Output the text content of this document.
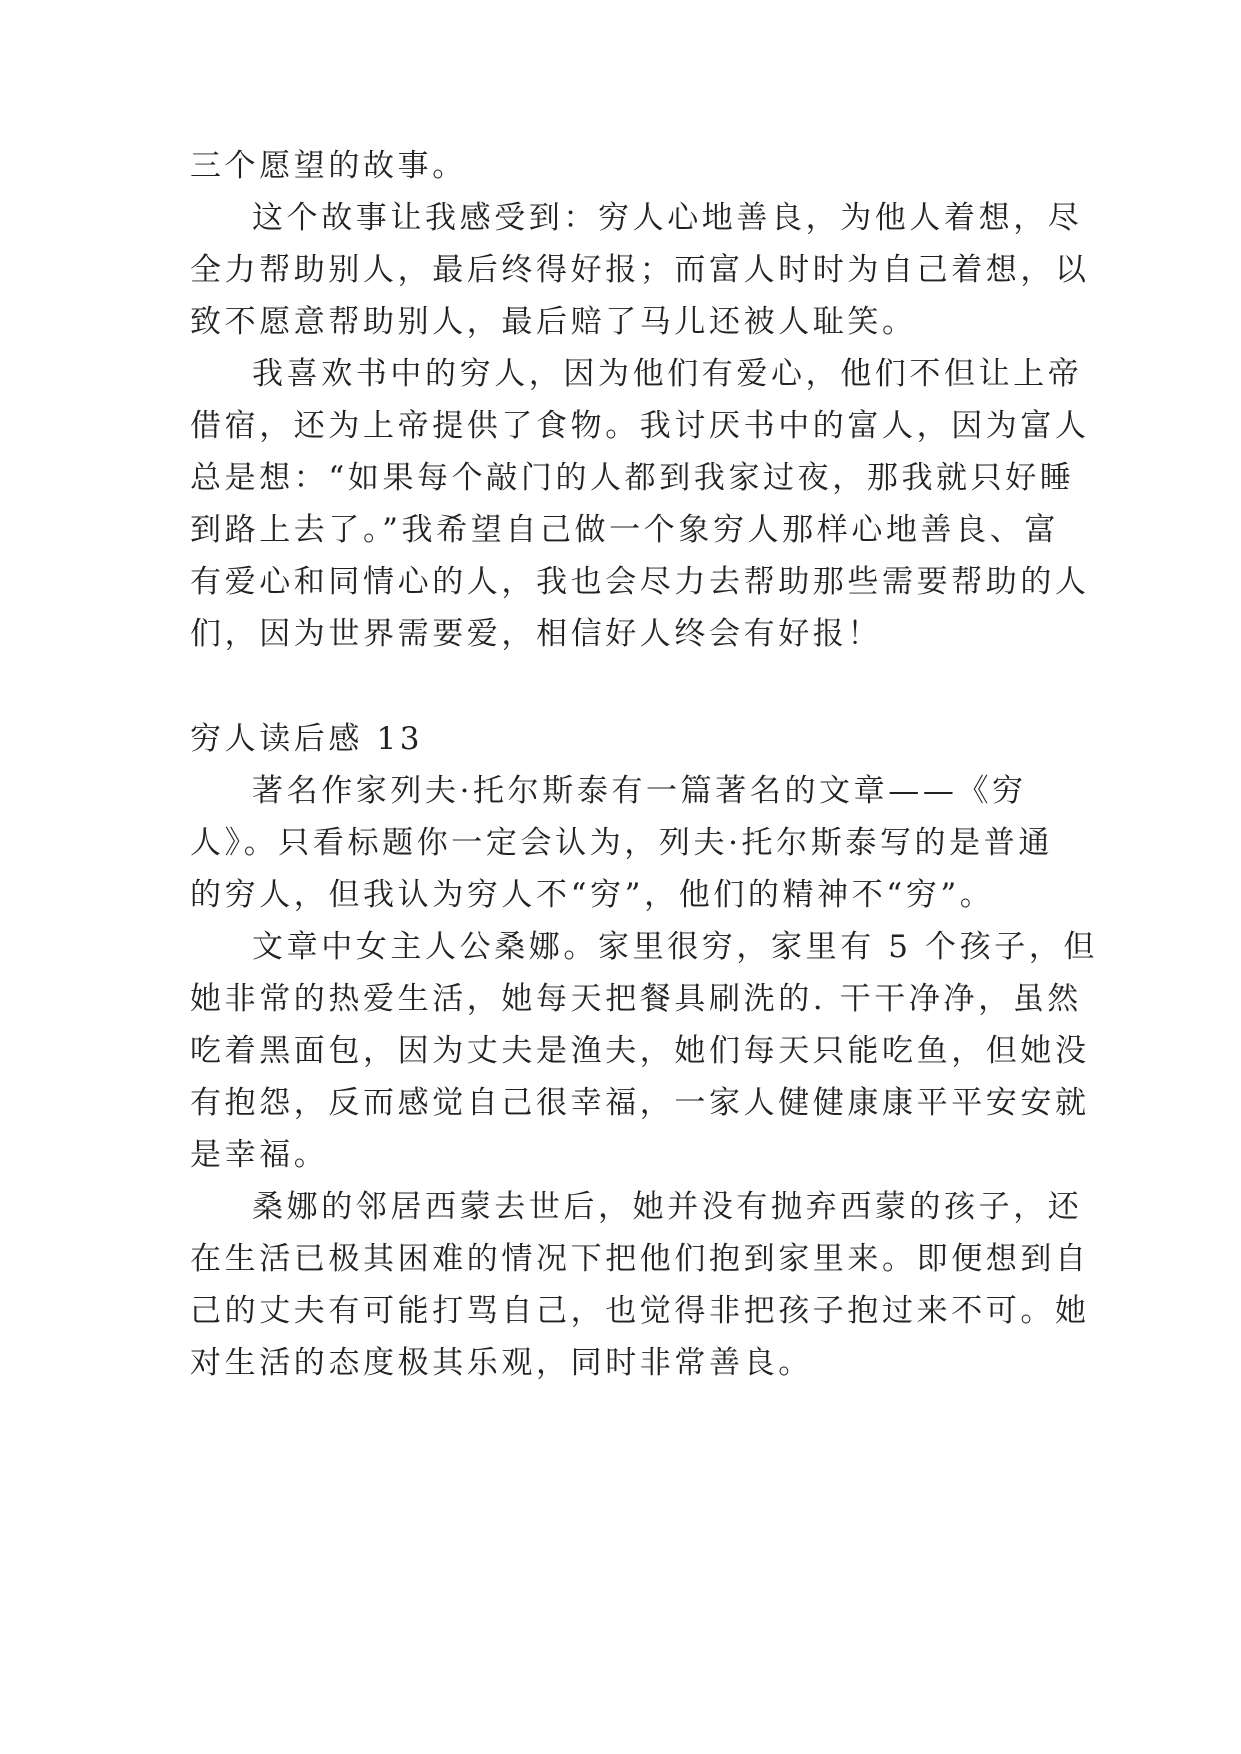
三个愿望的故事。
这个故事让我感受到：穷人心地善良，为他人着想，尽
全力帮助别人，最后终得好报；而富人时时为自己着想，以
致不愿意帮助别人，最后赔了马儿还被人耻笑。
我喜欢书中的穷人，因为他们有爱心，他们不但让上帝
借宿，还为上帝提供了食物。我讨厌书中的富人，因为富人
总是想：“如果每个敲门的人都到我家过夜，那我就只好睡
到路上去了。”我希望自己做一个象穷人那样心地善良、富
有爱心和同情心的人，我也会尽力去帮助那些需要帮助的人
们，因为世界需要爱，相信好人终会有好报！
穷人读后感 13
著名作家列夫·托尔斯泰有一篇著名的文章——《穷
人》。只看标题你一定会认为，列夫·托尔斯泰写的是普通
的穷人，但我认为穷人不“穷”，他们的精神不“穷”。
文章中女主人公桑娜。家里很穷，家里有 5 个孩子，但
她非常的热爱生活，她每天把餐具刷洗的. 干干净净，虽然
吃着黑面包，因为丈夫是渔夫，她们每天只能吃鱼，但她没
有抱怨，反而感觉自己很幸福，一家人健健康康平平安安就
是幸福。
桑娜的邻居西蒙去世后，她并没有抛弃西蒙的孩子，还
在生活已极其困难的情况下把他们抱到家里来。即便想到自
己的丈夫有可能打骂自己，也觉得非把孩子抱过来不可。她
对生活的态度极其乐观，同时非常善良。
